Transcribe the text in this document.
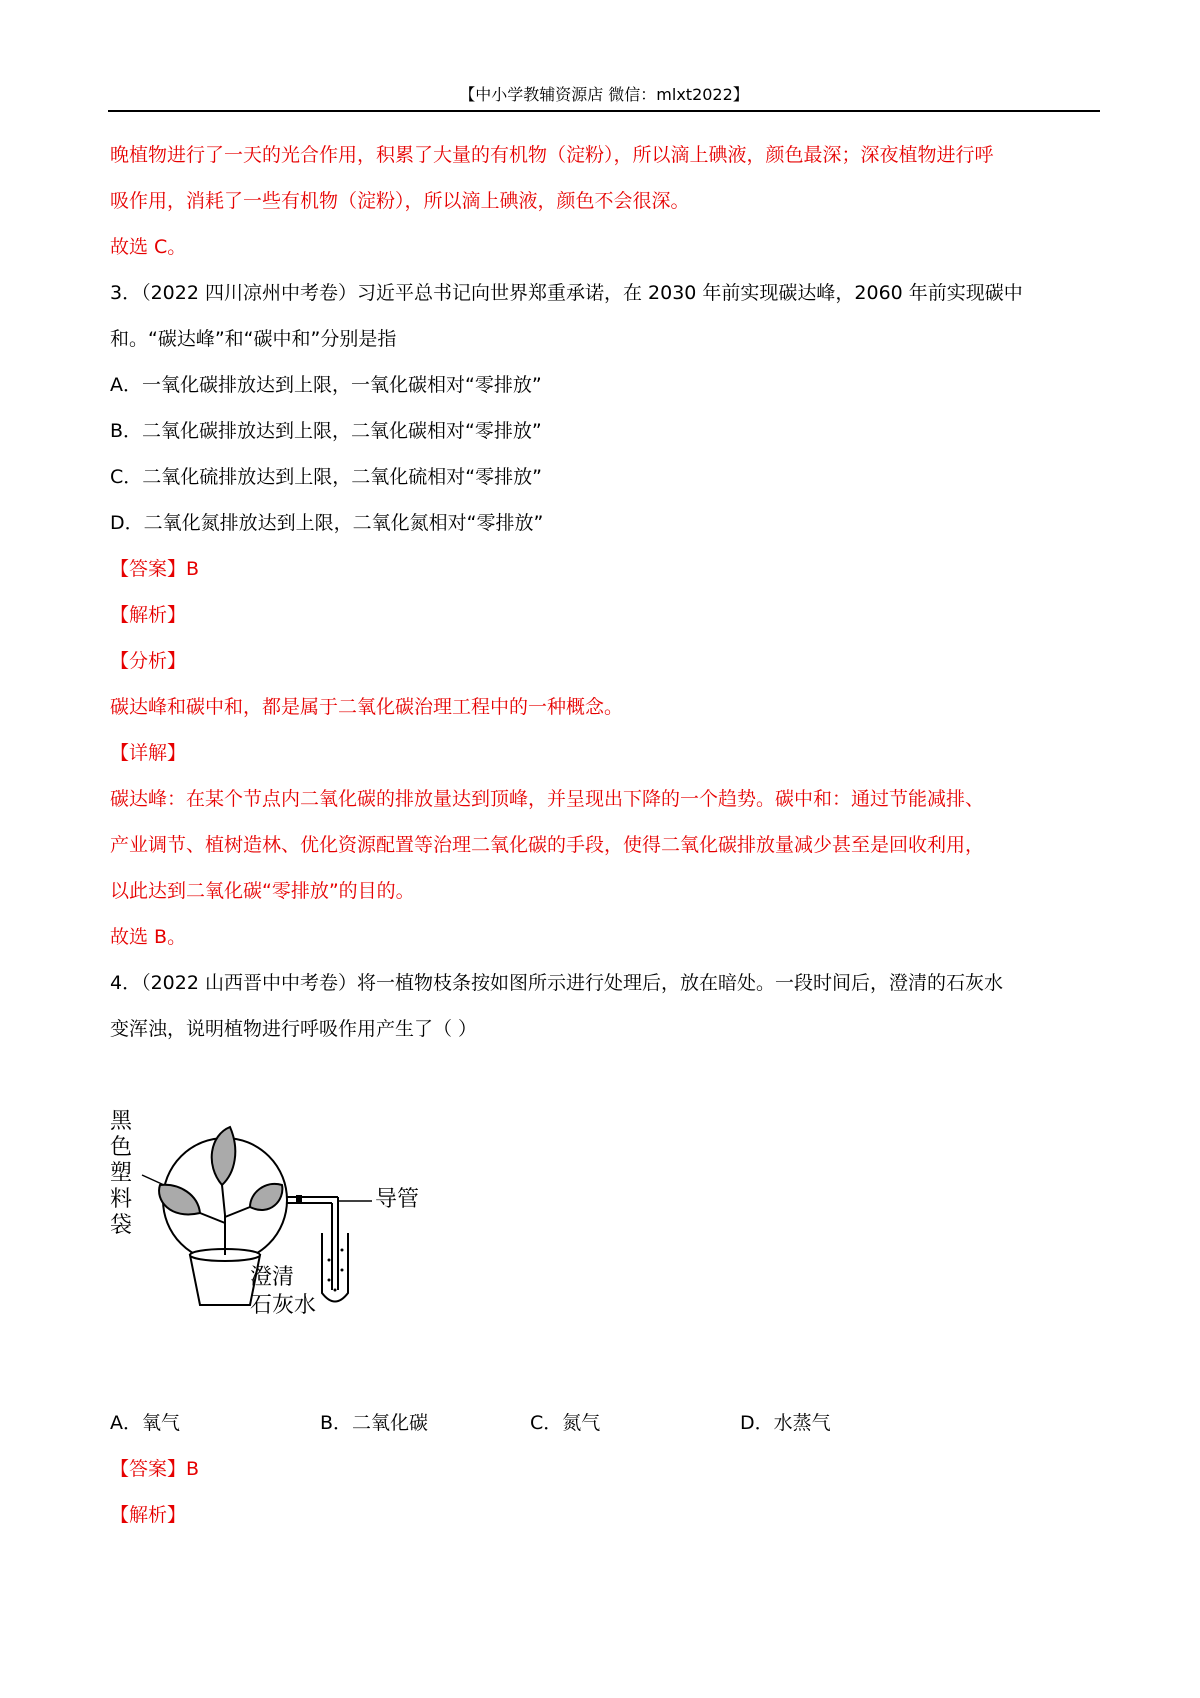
【中小学教辅资源店 微信：mlxt2022】
晚植物进行了一天的光合作用，积累了大量的有机物（淀粉），所以滴上碘液，颜色最深；深夜植物进行呼
吸作用，消耗了一些有机物（淀粉），所以滴上碘液，颜色不会很深。
故选 C。
3．（2022 四川凉州中考卷）习近平总书记向世界郑重承诺，在 2030 年前实现碳达峰，2060 年前实现碳中
和。“碳达峰”和“碳中和”分别是指
A．一氧化碳排放达到上限，一氧化碳相对“零排放”
B．二氧化碳排放达到上限，二氧化碳相对“零排放”
C．二氧化硫排放达到上限，二氧化硫相对“零排放”
D．二氧化氮排放达到上限，二氧化氮相对“零排放”
【答案】B
【解析】
【分析】
碳达峰和碳中和，都是属于二氧化碳治理工程中的一种概念。
【详解】
碳达峰：在某个节点内二氧化碳的排放量达到顶峰，并呈现出下降的一个趋势。碳中和：通过节能减排、
产业调节、植树造林、优化资源配置等治理二氧化碳的手段，使得二氧化碳排放量减少甚至是回收利用，
以此达到二氧化碳“零排放”的目的。
故选 B。
4．（2022 山西晋中中考卷）将一植物枝条按如图所示进行处理后，放在暗处。一段时间后，澄清的石灰水
变浑浊，说明植物进行呼吸作用产生了（ ）
黑
色
塑
料
袋
导管
澄清
石灰水
A．氧气	B．二氧化碳	C．氮气	D．水蒸气
【答案】B
【解析】
